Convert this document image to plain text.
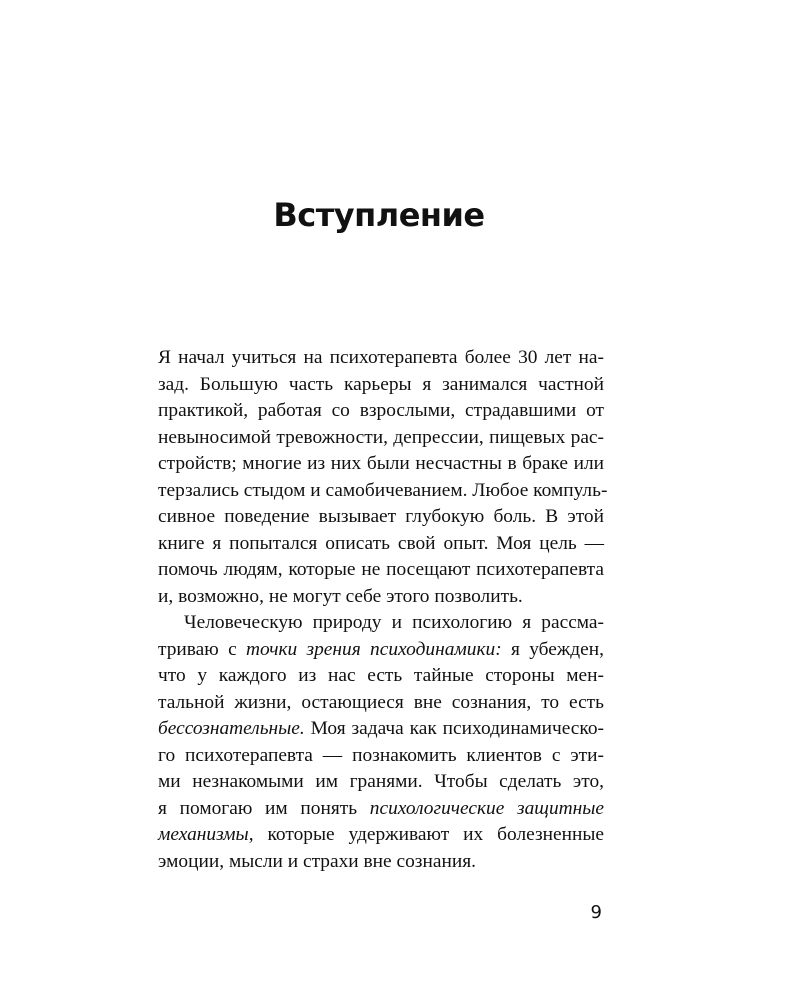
Вступление
Я начал учиться на психотерапевта более 30 лет на-
зад. Большую часть карьеры я занимался частной
практикой, работая со взрослыми, страдавшими от
невыносимой тревожности, депрессии, пищевых рас-
стройств; многие из них были несчастны в браке или
терзались стыдом и самобичеванием. Любое компуль-
сивное поведение вызывает глубокую боль. В этой
книге я попытался описать свой опыт. Моя цель —
помочь людям, которые не посещают психотерапевта
и, возможно, не могут себе этого позволить.
Человеческую природу и психологию я рассма-
триваю с точки зрения психодинамики: я убежден,
что у каждого из нас есть тайные стороны мен-
тальной жизни, остающиеся вне сознания, то есть
бессознательные. Моя задача как психодинамическо-
го психотерапевта — познакомить клиентов с эти-
ми незнакомыми им гранями. Чтобы сделать это,
я помогаю им понять психологические защитные
механизмы, которые удерживают их болезненные
эмоции, мысли и страхи вне сознания.
9
